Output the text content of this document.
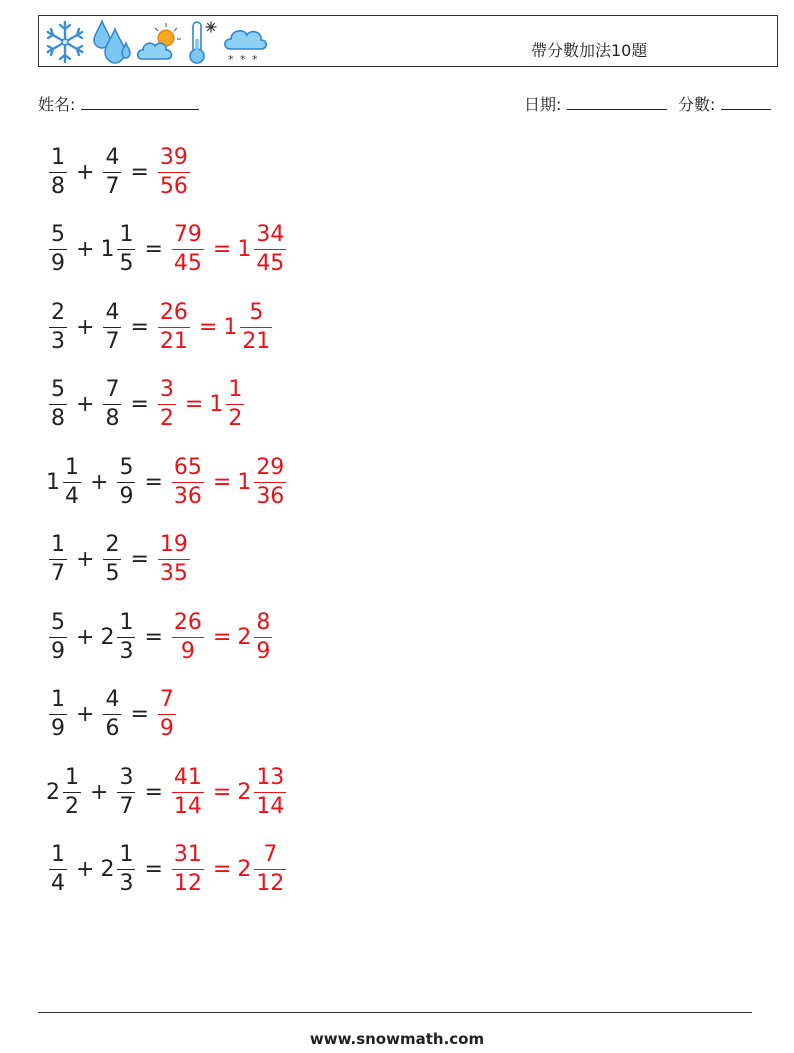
* * *	帶分數加法10題
姓名:	日期:	分數:
$\frac{1}{8} + \frac{4}{7} = \frac{39}{56}$
$\frac{5}{9} + 1 \frac{1}{5} = \frac{79}{45} = 1 \frac{34}{45}$
$\frac{2}{3} + \frac{4}{7} = \frac{26}{21} = 1 \frac{5}{21}$
$\frac{5}{8} + \frac{7}{8} = \frac{3}{2} = 1 \frac{1}{2}$
$1 \frac{1}{4} + \frac{5}{9} = \frac{65}{36} = 1 \frac{29}{36}$
$\frac{1}{7} + \frac{2}{5} = \frac{19}{35}$
$\frac{5}{9} + 2 \frac{1}{3} = \frac{26}{9} = 2 \frac{8}{9}$
$\frac{1}{9} + \frac{4}{6} = \frac{7}{9}$
$2 \frac{1}{2} + \frac{3}{7} = \frac{41}{14} = 2 \frac{13}{14}$
$\frac{1}{4} + 2 \frac{1}{3} = \frac{31}{12} = 2 \frac{7}{12}$
www.snowmath.com
